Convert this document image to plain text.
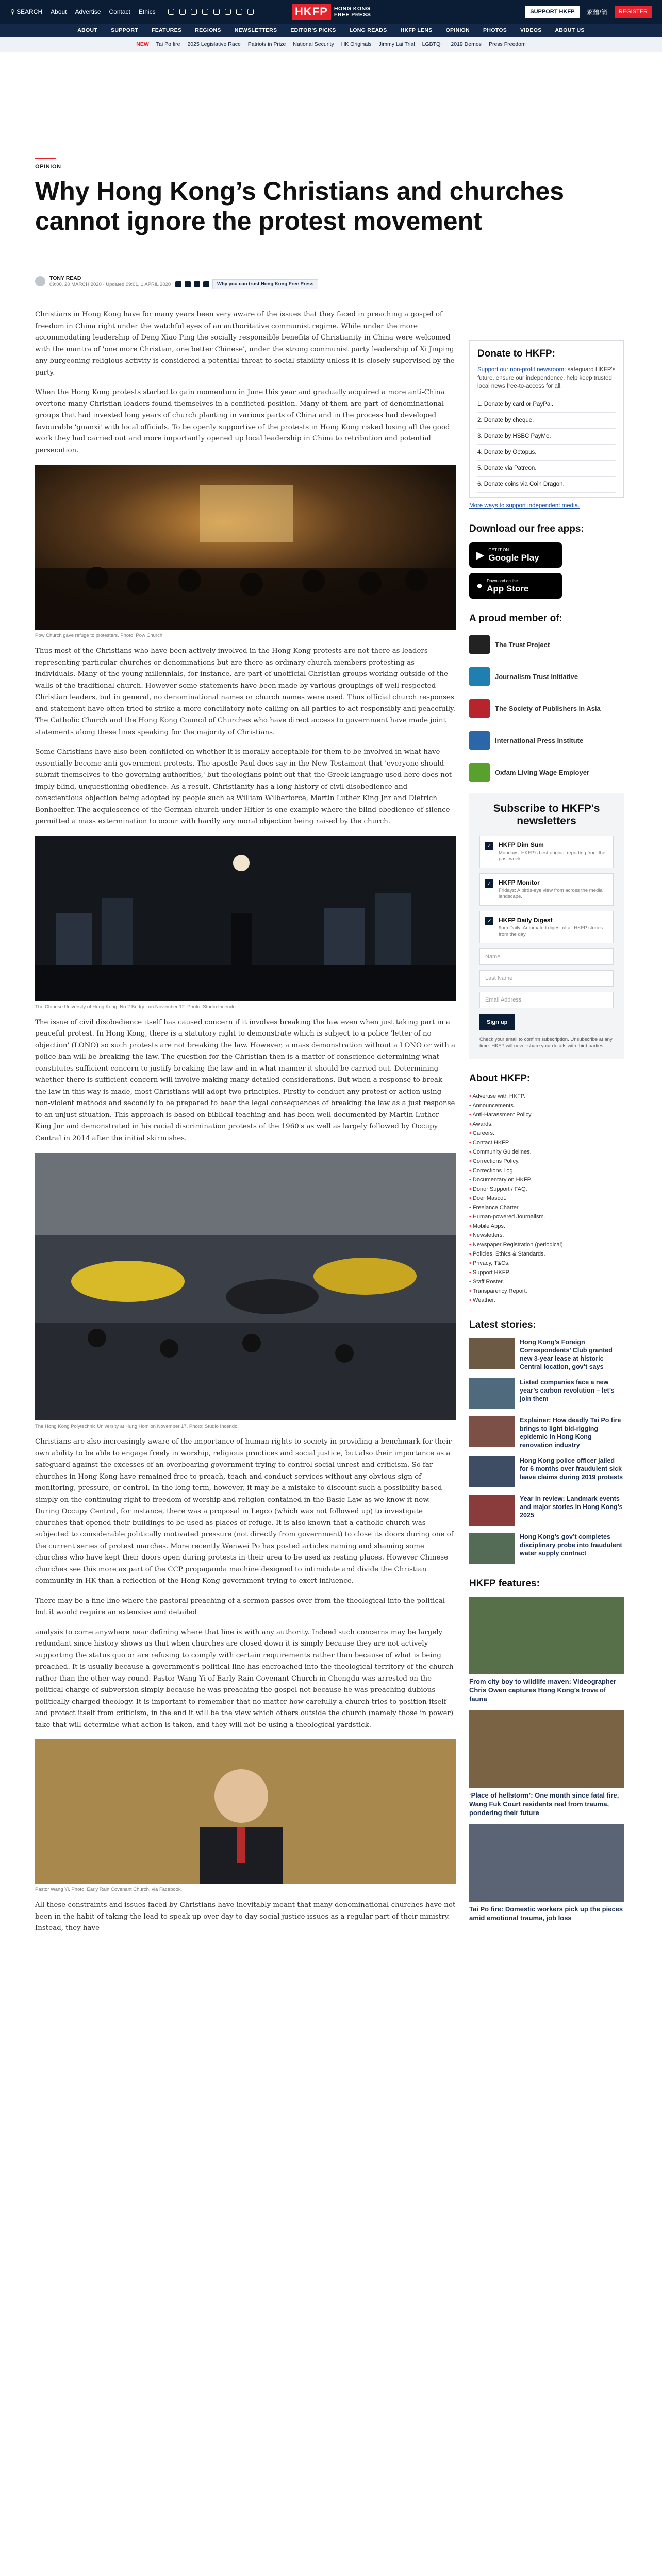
⚲ SEARCH About Advertise Contact Ethics	HKFP	HONG KONG
FREE PRESS	SUPPORT HKFP	繁體/簡	REGISTER
ABOUT SUPPORT FEATURES REGIONS NEWSLETTERS EDITOR'S PICKS LONG READS HKFP LENS OPINION PHOTOS VIDEOS ABOUT US
NEW Tai Po fire 2025 Legislative Race Patriots in Prize National Security HK Originals Jimmy Lai Trial LGBTQ+ 2019 Demos Press Freedom
OPINION
Why Hong Kong’s Christians and churches cannot ignore the protest movement
TONY READ
09:00, 20 MARCH 2020 · Updated 09:01, 1 APRIL 2020	Why you can trust Hong Kong Free Press

Christians in Hong Kong have for many years been very aware of the issues that they faced in preaching a gospel of freedom in China right under the watchful eyes of an authoritative communist regime. While under the more accommodating leadership of Deng Xiao Ping the socially responsible benefits of Christianity in China were welcomed with the mantra of 'one more Christian, one better Chinese', under the strong communist party leadership of Xi Jinping any burgeoning religious activity is considered a potential threat to social stability unless it is closely supervised by the party.

When the Hong Kong protests started to gain momentum in June this year and gradually acquired a more anti-China overtone many Christian leaders found themselves in a conflicted position. Many of them are part of denominational groups that had invested long years of church planting in various parts of China and in the process had developed favourable 'guanxi' with local officials. To be openly supportive of the protests in Hong Kong risked losing all the good work they had carried out and more importantly opened up local leadership in China to retribution and potential persecution.

Pow Church gave refuge to protesters. Photo: Pow Church.

Thus most of the Christians who have been actively involved in the Hong Kong protests are not there as leaders representing particular churches or denominations but are there as ordinary church members protesting as individuals. Many of the young millennials, for instance, are part of unofficial Christian groups working outside of the walls of the traditional church. However some statements have been made by various groupings of well respected Christian leaders, but in general, no denominational names or church names were used. Thus official church responses and statement have often tried to strike a more conciliatory note calling on all parties to act responsibly and peacefully. The Catholic Church and the Hong Kong Council of Churches who have direct access to government have made joint statements along these lines speaking for the majority of Christians.

Some Christians have also been conflicted on whether it is morally acceptable for them to be involved in what have essentially become anti-government protests. The apostle Paul does say in the New Testament that 'everyone should submit themselves to the governing authorities,' but theologians point out that the Greek language used here does not imply blind, unquestioning obedience. As a result, Christianity has a long history of civil disobedience and conscientious objection being adopted by people such as William Wilberforce, Martin Luther King Jnr and Dietrich Bonhoeffer. The acquiescence of the German church under Hitler is one example where the blind obedience of silence permitted a mass extermination to occur with hardly any moral objection being raised by the church.

The Chinese University of Hong Kong, No.2 Bridge, on November 12. Photo: Studio Incendo.

The issue of civil disobedience itself has caused concern if it involves breaking the law even when just taking part in a peaceful protest. In Hong Kong, there is a statutory right to demonstrate which is subject to a police 'letter of no objection' (LONO) so such protests are not breaking the law. However, a mass demonstration without a LONO or with a police ban will be breaking the law. The question for the Christian then is a matter of conscience determining what constitutes sufficient concern to justify breaking the law and in what manner it should be carried out. Determining whether there is sufficient concern will involve making many detailed considerations. But when a response to break the law in this way is made, most Christians will adopt two principles. Firstly to conduct any protest or action using non-violent methods and secondly to be prepared to bear the legal consequences of breaking the law as a just response to an unjust situation. This approach is based on biblical teaching and has been well documented by Martin Luther King Jnr and demonstrated in his racial discrimination protests of the 1960's as well as largely followed by Occupy Central in 2014 after the initial skirmishes.

The Hong Kong Polytechnic University at Hung Hom on November 17. Photo: Studio Incendo.

Christians are also increasingly aware of the importance of human rights to society in providing a benchmark for their own ability to be able to engage freely in worship, religious practices and social justice, but also their importance as a safeguard against the excesses of an overbearing government trying to control social unrest and criticism. So far churches in Hong Kong have remained free to preach, teach and conduct services without any obvious sign of monitoring, pressure, or control. In the long term, however, it may be a mistake to discount such a possibility based simply on the continuing right to freedom of worship and religion contained in the Basic Law as we know it now. During Occupy Central, for instance, there was a proposal in Legco (which was not followed up) to investigate churches that opened their buildings to be used as places of refuge. It is also known that a catholic church was subjected to considerable politically motivated pressure (not directly from government) to close its doors during one of the current series of protest marches. More recently Wenwei Po has posted articles naming and shaming some churches who have kept their doors open during protests in their area to be used as resting places. However Chinese churches see this more as part of the CCP propaganda machine designed to intimidate and divide the Christian community in HK than a reflection of the Hong Kong government trying to exert influence.

There may be a fine line where the pastoral preaching of a sermon passes over from the theological into the political but it would require an extensive and detailed

analysis to come anywhere near defining where that line is with any authority. Indeed such concerns may be largely redundant since history shows us that when churches are closed down it is simply because they are not actively supporting the status quo or are refusing to comply with certain requirements rather than because of what is being preached. It is usually because a government's political line has encroached into the theological territory of the church rather than the other way round. Pastor Wang Yi of Early Rain Covenant Church in Chengdu was arrested on the political charge of subversion simply because he was preaching the gospel not because he was preaching dubious politically charged theology. It is important to remember that no matter how carefully a church tries to position itself and protect itself from criticism, in the end it will be the view which others outside the church (namely those in power) take that will determine what action is taken, and they will not be using a theological yardstick.

Pastor Wang Yi. Photo: Early Rain Covenant Church, via Facebook.

All these constraints and issues faced by Christians have inevitably meant that many denominational churches have not been in the habit of taking the lead to speak up over day-to-day social justice issues as a regular part of their ministry. Instead, they have

Donate to HKFP:

Support our non-profit newsroom: safeguard HKFP's future, ensure our independence, help keep trusted local news free-to-access for all.

1. Donate by card or PayPal.
2. Donate by cheque.
3. Donate by HSBC PayMe.
4. Donate by Octopus.
5. Donate via Patreon.
6. Donate coins via Coin Dragon.
More ways to support independent media.
Download our free apps:
▶ GET IT ON
Google Play
● Download on the
App Store
A proud member of:
The Trust Project
Journalism Trust Initiative
The Society of Publishers in Asia
International Press Institute
Oxfam Living Wage Employer
Subscribe to HKFP's newsletters
✓ HKFP Dim Sum
Mondays: HKFP's best original reporting from the past week.
✓ HKFP Monitor
Fridays: A birds-eye view from across the media landscape.
✓ HKFP Daily Digest
9pm Daily: Automated digest of all HKFP stories from the day.
Name
Last Name
Email Address
Sign up

Check your email to confirm subscription. Unsubscribe at any time. HKFP will never share your details with third parties.

About HKFP:
• Advertise with HKFP.
• Announcements.
• Anti-Harassment Policy.
• Awards.
• Careers.
• Contact HKFP.
• Community Guidelines.
• Corrections Policy.
• Corrections Log.
• Documentary on HKFP.
• Donor Support / FAQ.
• Doer Mascot.
• Freelance Charter.
• Human-powered Journalism.
• Mobile Apps.
• Newsletters.
• Newspaper Registration (periodical).
• Policies, Ethics & Standards.
• Privacy, T&Cs.
• Support HKFP.
• Staff Roster.
• Transparency Report.
• Weather.
Latest stories:
Hong Kong’s Foreign Correspondents’ Club granted new 3-year lease at historic Central location, gov’t says
Listed companies face a new year’s carbon revolution – let’s join them
Explainer: How deadly Tai Po fire brings to light bid-rigging epidemic in Hong Kong renovation industry
Hong Kong police officer jailed for 6 months over fraudulent sick leave claims during 2019 protests
Year in review: Landmark events and major stories in Hong Kong’s 2025
Hong Kong’s gov’t completes disciplinary probe into fraudulent water supply contract
HKFP features:
From city boy to wildlife maven: Videographer Chris Owen captures Hong Kong’s trove of fauna
‘Place of hellstorm’: One month since fatal fire, Wang Fuk Court residents reel from trauma, pondering their future
Tai Po fire: Domestic workers pick up the pieces amid emotional trauma, job loss
